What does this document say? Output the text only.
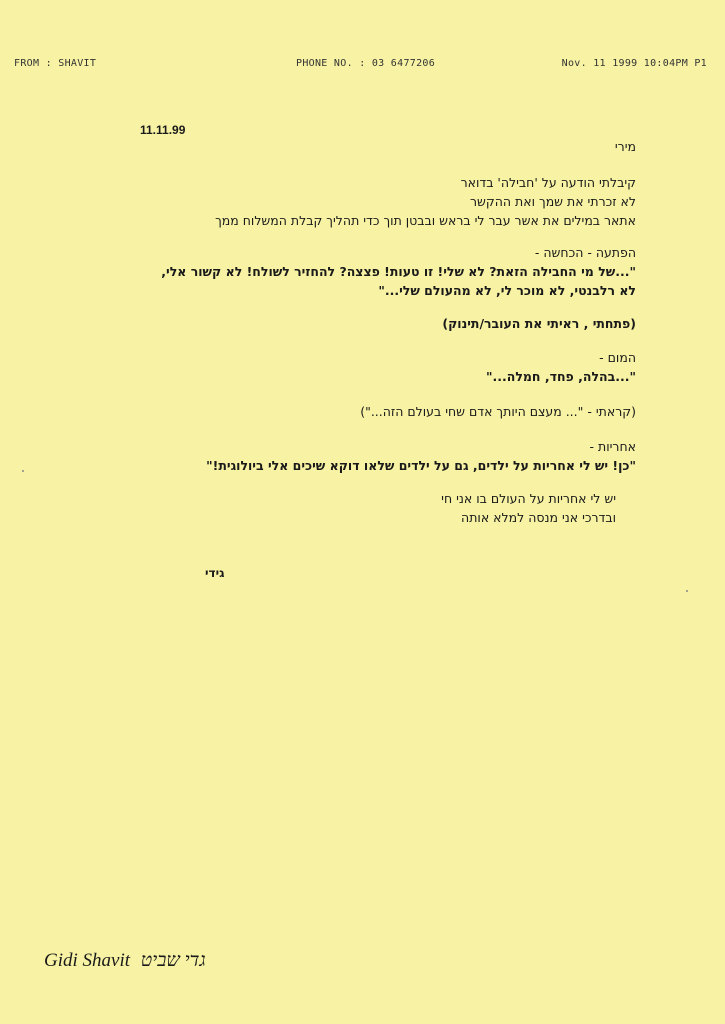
FROM : SHAVIT	PHONE NO. : 03 6477206	Nov. 11 1999 10:04PM P1
11.11.99
מירי
קיבלתי הודעה על 'חבילה' בדואר
לא זכרתי את שמך ואת ההקשר
אתאר במילים את אשר עבר לי בראש ובבטן תוך כדי תהליך קבלת המשלוח ממך
הפתעה - הכחשה -
"...של מי החבילה הזאת? לא שלי! זו טעות! פצצה? להחזיר לשולח! לא קשור אלי,
לא רלבנטי, לא מוכר לי, לא מהעולם שלי..."
(פתחתי , ראיתי את העובר/תינוק)
המום -
"...בהלה, פחד, חמלה..."
(קראתי - "... מעצם היותך אדם שחי בעולם הזה...")
אחריות -
"כן! יש לי אחריות על ילדים, גם על ילדים שלאו דוקא שיכים אלי ביולוגית!"
יש לי אחריות על העולם בו אני חי
ובדרכי אני מנסה למלא אותה
גידי
Gidi Shavit גדי שביט
